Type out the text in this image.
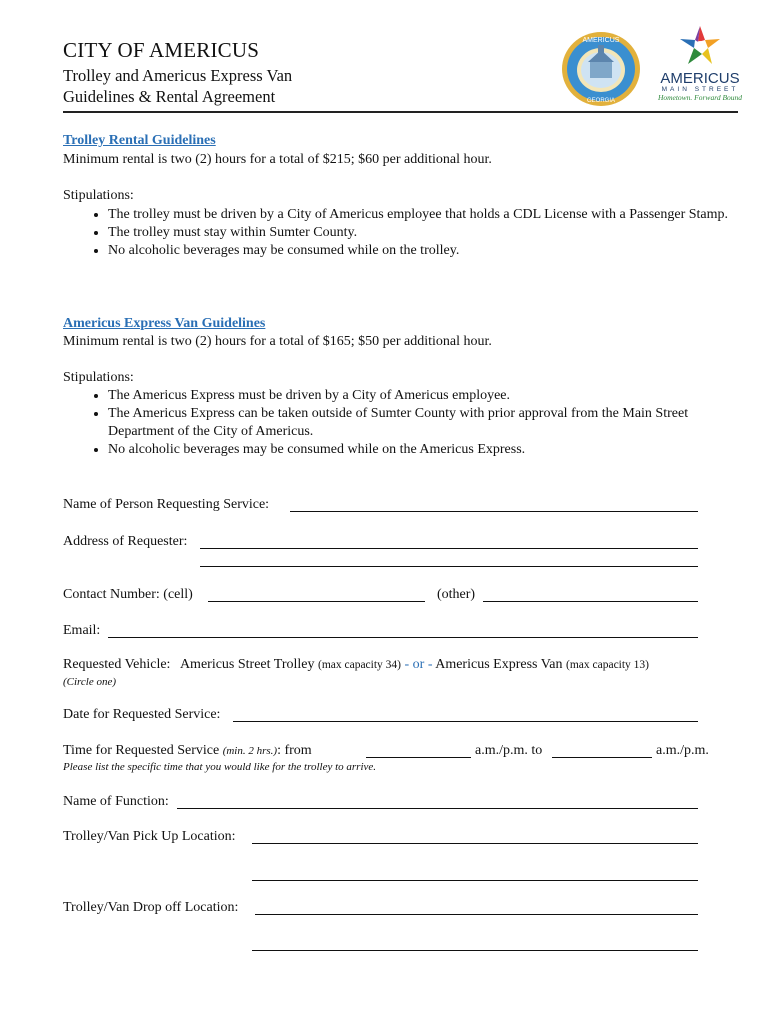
CITY OF AMERICUS
Trolley and Americus Express Van
Guidelines & Rental Agreement
AMERICUS
GEORGIA
AMERICUS
MAIN STREET
Hometown. Forward Bound
Trolley Rental Guidelines
Minimum rental is two (2) hours for a total of $215; $60 per additional hour.
Stipulations:
• The trolley must be driven by a City of Americus employee that holds a CDL License with a Passenger Stamp.
• The trolley must stay within Sumter County.
• No alcoholic beverages may be consumed while on the trolley.
Americus Express Van Guidelines
Minimum rental is two (2) hours for a total of $165; $50 per additional hour.
Stipulations:
• The Americus Express must be driven by a City of Americus employee.
• The Americus Express can be taken outside of Sumter County with prior approval from the Main Street Department of the City of Americus.
• No alcoholic beverages may be consumed while on the Americus Express.
Name of Person Requesting Service:
Address of Requester:
Contact Number: (cell)	(other)
Email:
Requested Vehicle: Americus Street Trolley (max capacity 34) - or - Americus Express Van (max capacity 13)
(Circle one)
Date for Requested Service:
Time for Requested Service (min. 2 hrs.): from	a.m./p.m. to	a.m./p.m.
Please list the specific time that you would like for the trolley to arrive.
Name of Function:
Trolley/Van Pick Up Location:
Trolley/Van Drop off Location:
